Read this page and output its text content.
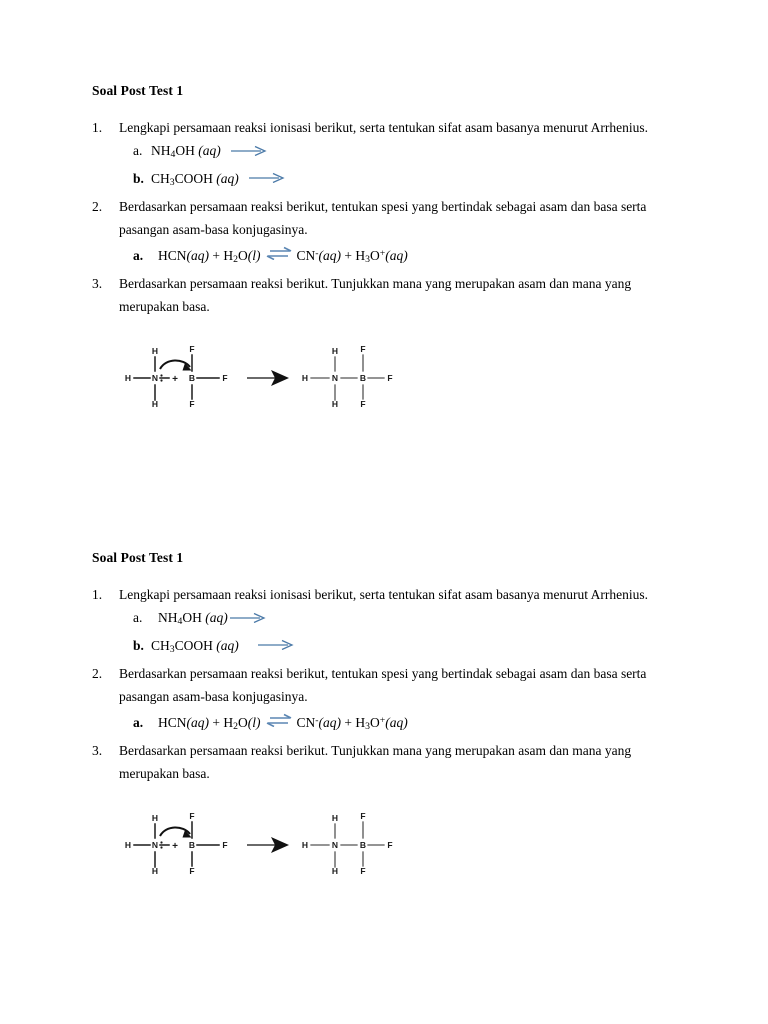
Soal Post Test 1
1.	Lengkapi persamaan reaksi ionisasi berikut, serta tentukan sifat asam basanya menurut Arrhenius.
a. $NH_4OH$ (aq) →
b. $CH_3COOH$ (aq) →
2.	Berdasarkan persamaan reaksi berikut, tentukan spesi yang bertindak sebagai asam dan basa serta pasangan asam-basa konjugasinya.
a. $HCN(aq) + H_2O(l)$ ⇌ $CN^-(aq) + H_3O^+(aq)$
3.	Berdasarkan persamaan reaksi berikut. Tunjukkan mana yang merupakan asam dan mana yang merupakan basa.
H N
H
H
+ B
F
F
F	H	N
H
H
B
F
F
F
Soal Post Test 1
1.	Lengkapi persamaan reaksi ionisasi berikut, serta tentukan sifat asam basanya menurut Arrhenius.
a. $NH_4OH$ (aq)→
b. $CH_3COOH$ (aq) →
2.	Berdasarkan persamaan reaksi berikut, tentukan spesi yang bertindak sebagai asam dan basa serta pasangan asam-basa konjugasinya.
a. $HCN(aq) + H_2O(l)$ ⇌ $CN^-(aq) + H_3O^+(aq)$
3.	Berdasarkan persamaan reaksi berikut. Tunjukkan mana yang merupakan asam dan mana yang merupakan basa.
H N
H
H
+ B
F
F
F	H	N
H
H
B
F
F
F
